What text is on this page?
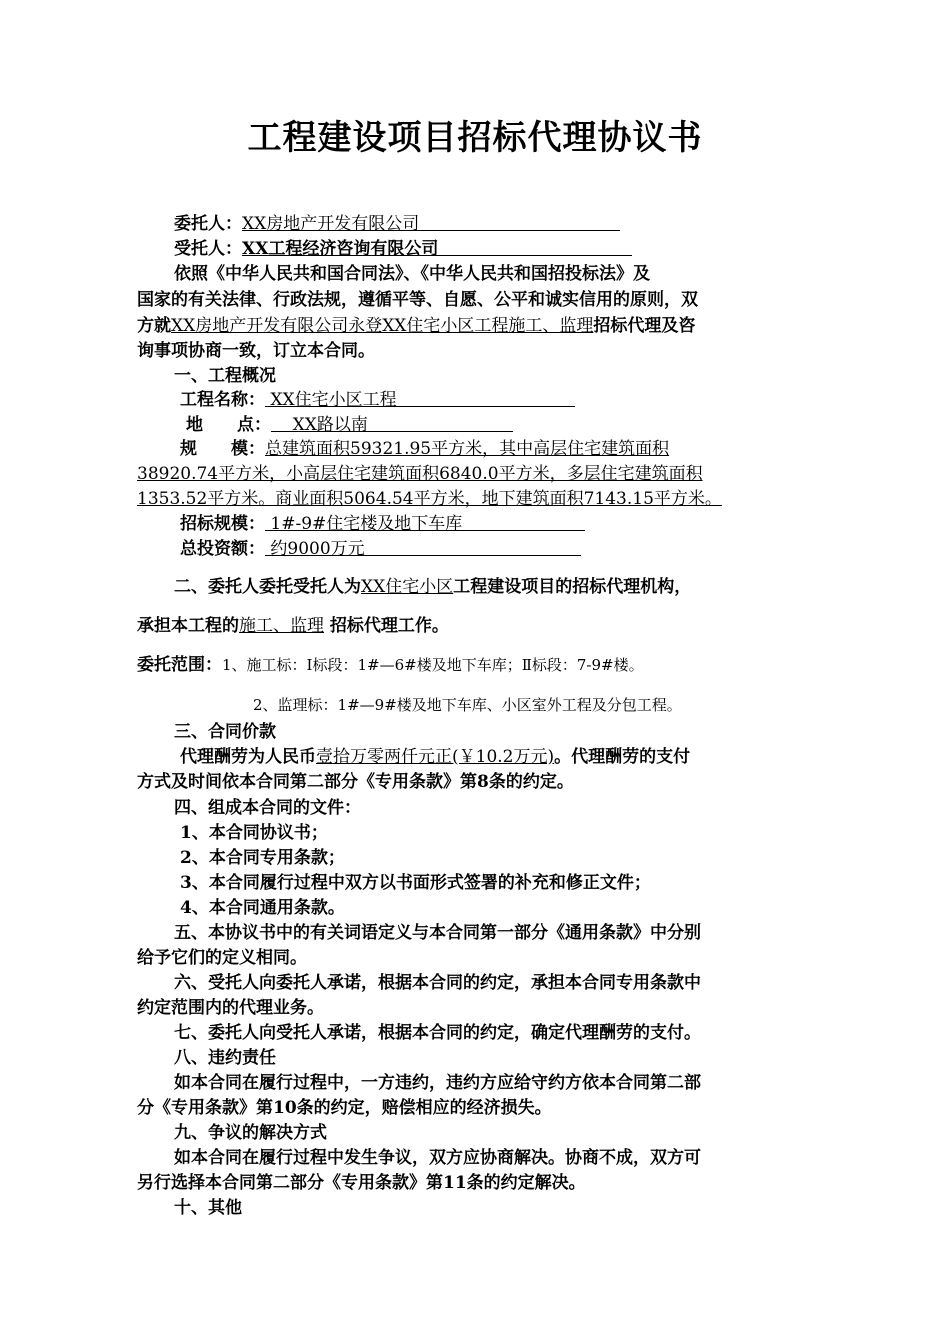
工程建设项目招标代理协议书
委托人：XX房地产开发有限公司
受托人：XX工程经济咨询有限公司
依照《中华人民共和国合同法》、《中华人民共和国招投标法》及
国家的有关法律、行政法规，遵循平等、自愿、公平和诚实信用的原则，双
方就XX房地产开发有限公司永登XX住宅小区工程施工、监理招标代理及咨
询事项协商一致，订立本合同。
一、工程概况
工程名称： XX住宅小区工程
地　　点： XX路以南
规　　模：总建筑面积59321.95平方米，其中高层住宅建筑面积
38920.74平方米，小高层住宅建筑面积6840.0平方米，多层住宅建筑面积
1353.52平方米。商业面积5064.54平方米，地下建筑面积7143.15平方米。
招标规模： 1#-9#住宅楼及地下车库
总投资额： 约9000万元
二、委托人委托受托人为XX住宅小区工程建设项目的招标代理机构，
承担本工程的施工、监理 招标代理工作。
委托范围：1、施工标：Ⅰ标段：1#—6#楼及地下车库；Ⅱ标段：7-9#楼。
2、监理标：1#—9#楼及地下车库、小区室外工程及分包工程。
三、合同价款
代理酬劳为人民币壹拾万零两仟元正(￥10.2万元)。代理酬劳的支付
方式及时间依本合同第二部分《专用条款》第8条的约定。
四、组成本合同的文件：
1、本合同协议书；
2、本合同专用条款；
3、本合同履行过程中双方以书面形式签署的补充和修正文件；
4、本合同通用条款。
五、本协议书中的有关词语定义与本合同第一部分《通用条款》中分别
给予它们的定义相同。
六、受托人向委托人承诺，根据本合同的约定，承担本合同专用条款中
约定范围内的代理业务。
七、委托人向受托人承诺，根据本合同的约定，确定代理酬劳的支付。
八、违约责任
如本合同在履行过程中，一方违约，违约方应给守约方依本合同第二部
分《专用条款》第10条的约定，赔偿相应的经济损失。
九、争议的解决方式
如本合同在履行过程中发生争议，双方应协商解决。协商不成，双方可
另行选择本合同第二部分《专用条款》第11条的约定解决。
十、其他
